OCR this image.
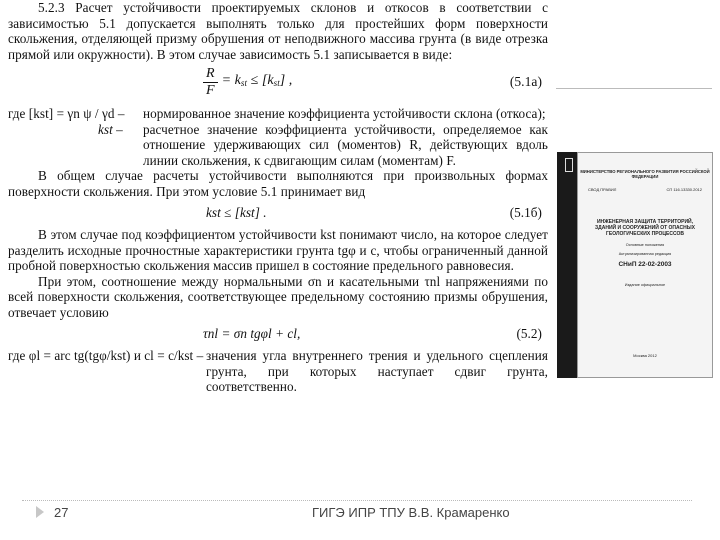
5.2.3 Расчет устойчивости проектируемых склонов и откосов в соответствии с зависимостью 5.1 допускается выполнять только для простейших форм поверхности скольжения, отделяющей призму обрушения от неподвижного массива грунта (в виде отрезка прямой или окружности). В этом случае зависимость 5.1 записывается в виде:

$\frac{R}{F} = k_{st} \le [k_{st}]$ ,	(5.1а)
где [kst] = γn ψ / γd –	нормированное значение коэффициента устойчивости склона (откоса);
kst –	расчетное значение коэффициента устойчивости, определяемое как отношение удерживающих сил (моментов) R, действующих вдоль линии скольжения, к сдвигающим силам (моментам) F.

В общем случае расчеты устойчивости выполняются при произвольных формах поверхности скольжения. При этом условие 5.1 принимает вид

kst ≤ [kst] .	(5.1б)

В этом случае под коэффициентом устойчивости kst понимают число, на которое следует разделить исходные прочностные характеристики грунта tgφ и c, чтобы ограниченный данной пробной поверхностью скольжения массив пришел в состояние предельного равновесия.

При этом, соотношение между нормальными σn и касательными τnl напряжениями по всей поверхности скольжения, соответствующее предельному состоянию призмы обрушения, отвечает условию

τnl = σn tgφl + cl,	(5.2)
где φl = arc tg(tgφ/kst) и cl = c/kst – значения угла внутреннего трения и удельного сцепления грунта, при которых наступает сдвиг грунта, соответственно.
МИНИСТЕРСТВО РЕГИОНАЛЬНОГО РАЗВИТИЯ РОССИЙСКОЙ ФЕДЕРАЦИИ
СВОД ПРАВИЛ	СП 116.13330.2012
ИНЖЕНЕРНАЯ ЗАЩИТА ТЕРРИТОРИЙ, ЗДАНИЙ И СООРУЖЕНИЙ ОТ ОПАСНЫХ ГЕОЛОГИЧЕСКИХ ПРОЦЕССОВ
Основные положения
Актуализированная редакция
СНиП 22-02-2003
Издание официальное
Москва 2012
27	ГИГЭ ИПР ТПУ В.В. Крамаренко
